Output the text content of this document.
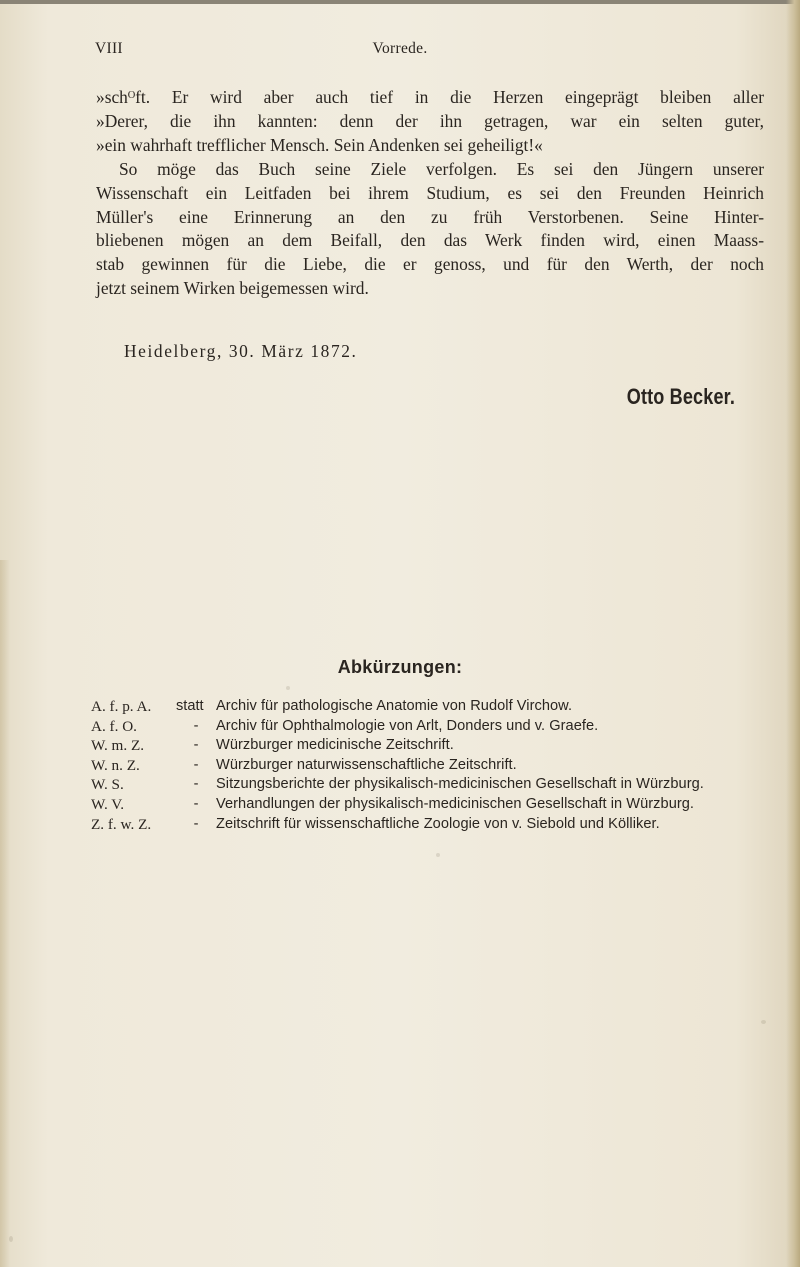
VIII	Vorrede.
»schᴼft. Er wird aber auch tief in die Herzen eingeprägt bleiben aller
»Derer, die ihn kannten: denn der ihn getragen, war ein selten guter,
»ein wahrhaft trefflicher Mensch. Sein Andenken sei geheiligt!«
So möge das Buch seine Ziele verfolgen. Es sei den Jüngern unserer
Wissenschaft ein Leitfaden bei ihrem Studium, es sei den Freunden Heinrich
Müller's eine Erinnerung an den zu früh Verstorbenen. Seine Hinter-
bliebenen mögen an dem Beifall, den das Werk finden wird, einen Maass-
stab gewinnen für die Liebe, die er genoss, und für den Werth, der noch
jetzt seinem Wirken beigemessen wird.
Heidelberg, 30. März 1872.
Otto Becker.
Abkürzungen:
A. f. p. A.	statt	Archiv für pathologische Anatomie von Rudolf Virchow.
A. f. O.	-	Archiv für Ophthalmologie von Arlt, Donders und v. Graefe.
W. m. Z.	-	Würzburger medicinische Zeitschrift.
W. n. Z.	-	Würzburger naturwissenschaftliche Zeitschrift.
W. S.	-	Sitzungsberichte der physikalisch-medicinischen Gesellschaft in Würzburg.
W. V.	-	Verhandlungen der physikalisch-medicinischen Gesellschaft in Würzburg.
Z. f. w. Z.	-	Zeitschrift für wissenschaftliche Zoologie von v. Siebold und Kölliker.
